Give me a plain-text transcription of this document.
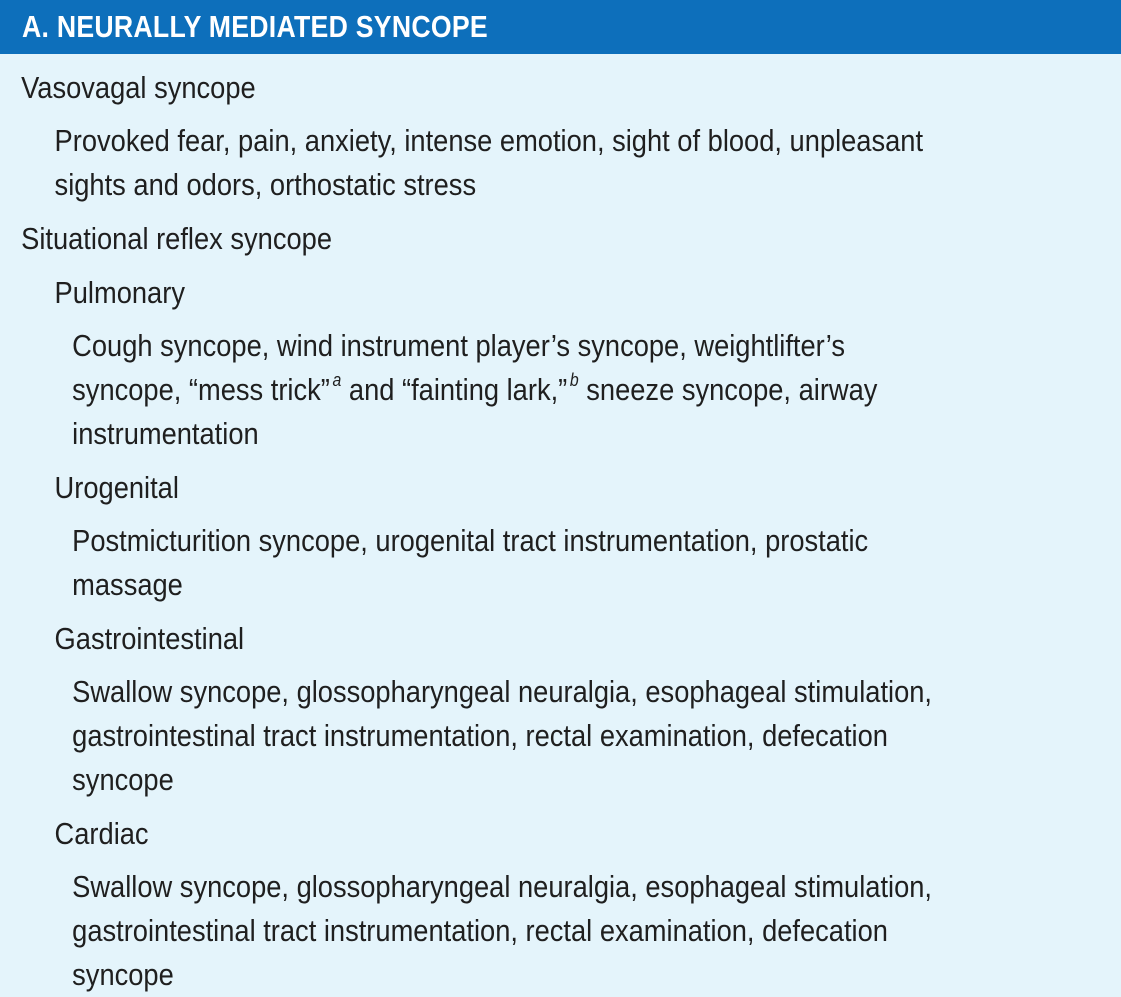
A. NEURALLY MEDIATED SYNCOPE
Vasovagal syncope
Provoked fear, pain, anxiety, intense emotion, sight of blood, unpleasant
sights and odors, orthostatic stress
Situational reflex syncope
Pulmonary
Cough syncope, wind instrument player’s syncope, weightlifter’s
syncope, “mess trick” $^a$ and “fainting lark,” $^b$ sneeze syncope, airway
instrumentation
Urogenital
Postmicturition syncope, urogenital tract instrumentation, prostatic
massage
Gastrointestinal
Swallow syncope, glossopharyngeal neuralgia, esophageal stimulation,
gastrointestinal tract instrumentation, rectal examination, defecation
syncope
Cardiac
Swallow syncope, glossopharyngeal neuralgia, esophageal stimulation,
gastrointestinal tract instrumentation, rectal examination, defecation
syncope
